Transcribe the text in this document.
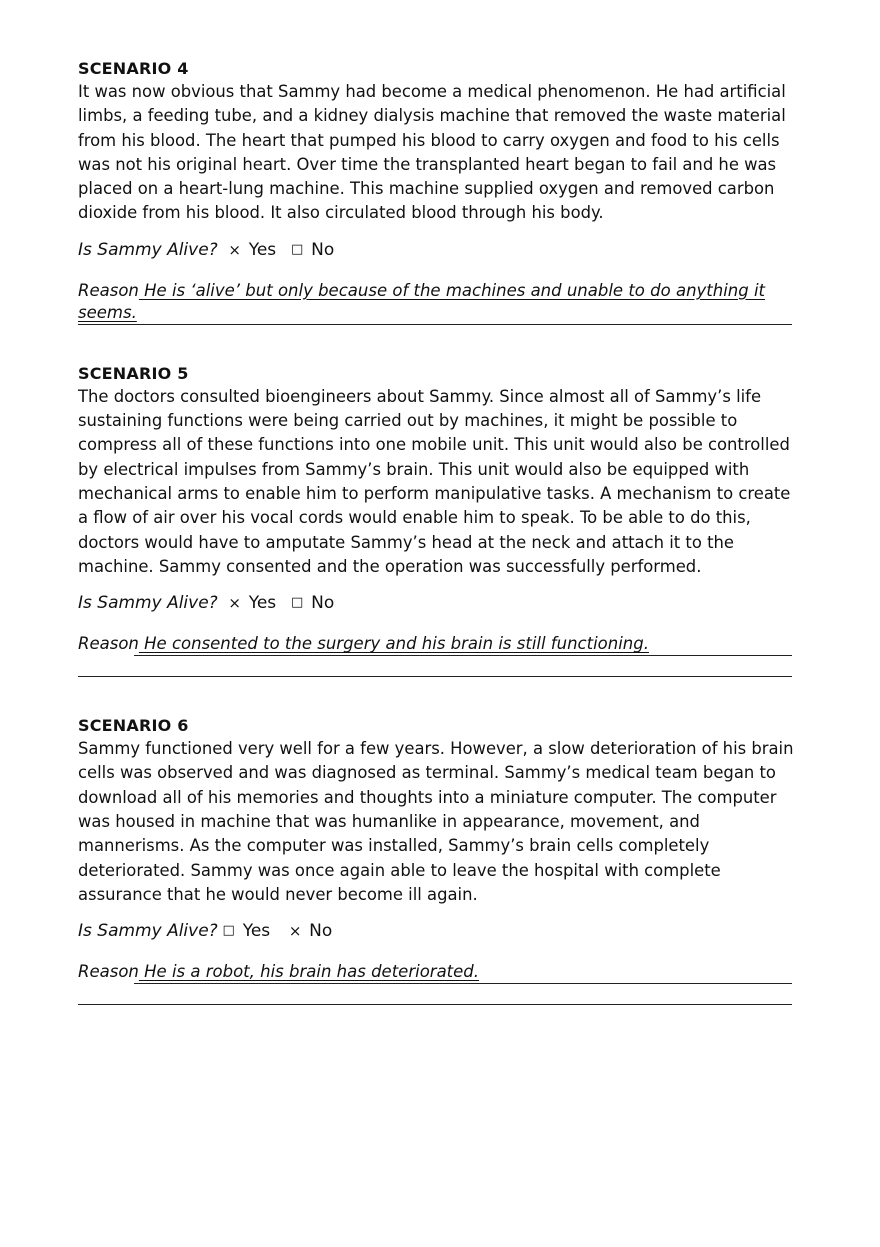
SCENARIO 4

It was now obvious that Sammy had become a medical phenomenon. He had artificial limbs, a feeding tube, and a kidney dialysis machine that removed the waste material from his blood. The heart that pumped his blood to carry oxygen and food to his cells was not his original heart. Over time the transplanted heart began to fail and he was placed on a heart-lung machine. This machine supplied oxygen and removed carbon dioxide from his blood. It also circulated blood through his body.

Is Sammy Alive? × Yes □ No
Reason He is ‘alive’ but only because of the machines and unable to do anything it seems.

SCENARIO 5

The doctors consulted bioengineers about Sammy. Since almost all of Sammy’s life sustaining functions were being carried out by machines, it might be possible to compress all of these functions into one mobile unit. This unit would also be controlled by electrical impulses from Sammy’s brain. This unit would also be equipped with mechanical arms to enable him to perform manipulative tasks. A mechanism to create a flow of air over his vocal cords would enable him to speak. To be able to do this, doctors would have to amputate Sammy’s head at the neck and attach it to the machine. Sammy consented and the operation was successfully performed.

Is Sammy Alive? × Yes □ No
Reason He consented to the surgery and his brain is still functioning.

SCENARIO 6

Sammy functioned very well for a few years. However, a slow deterioration of his brain cells was observed and was diagnosed as terminal. Sammy’s medical team began to download all of his memories and thoughts into a miniature computer. The computer was housed in machine that was humanlike in appearance, movement, and mannerisms. As the computer was installed, Sammy’s brain cells completely deteriorated. Sammy was once again able to leave the hospital with complete assurance that he would never become ill again.

Is Sammy Alive? □ Yes × No
Reason He is a robot, his brain has deteriorated.
